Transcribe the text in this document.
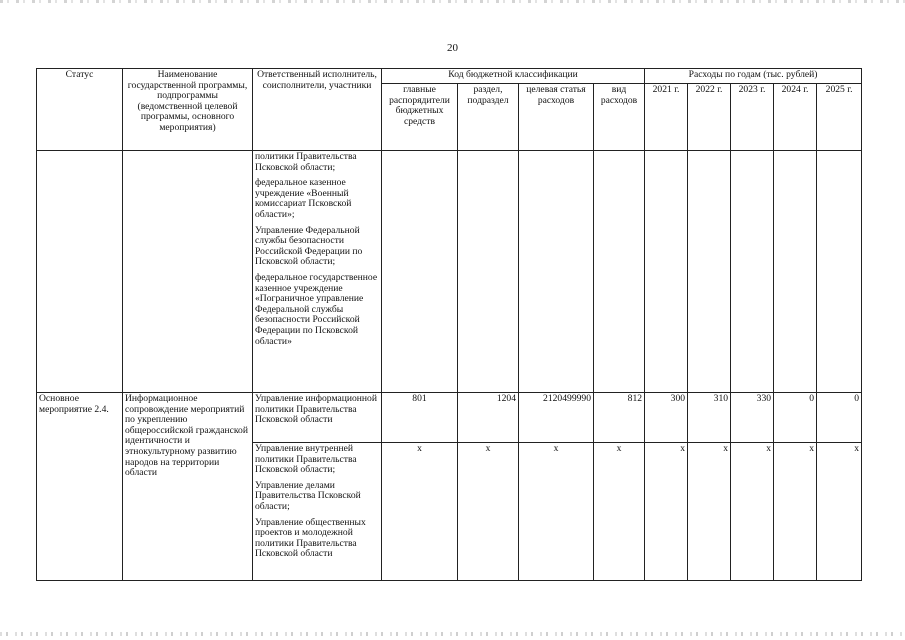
20
Статус	Наименование государственной программы, подпрограммы (ведомственной целевой программы, основного мероприятия)	Ответственный исполнитель, соисполнители, участники	Код бюджетной классификации				Расходы по годам (тыс. рублей)				
			главные распорядители бюджетных средств	раздел, подраздел	целевая статья расходов	вид расходов	2021 г.	2022 г.	2023 г.	2024 г.	2025 г.

		политики Правительства Псковской области;
федеральное казенное учреждение «Военный комиссариат Псковской области»;
Управление Федеральной службы безопасности Российской Федерации по Псковской области;
федеральное государственное казенное учреждение «Пограничное управление Федеральной службы безопасности Российской Федерации по Псковской области»									

Основное мероприятие 2.4.	Информационное сопровождение мероприятий по укреплению общероссийской гражданской идентичности и этнокультурному развитию народов на территории области	Управление информационной политики Правительства Псковской области	801	1204	2120499990	812	300	310	330	0	0

		Управление внутренней политики Правительства Псковской области;
Управление делами Правительства Псковской области;
Управление общественных проектов и молодежной политики Правительства Псковской области	х	х	х	х	х	х	х	х	х
